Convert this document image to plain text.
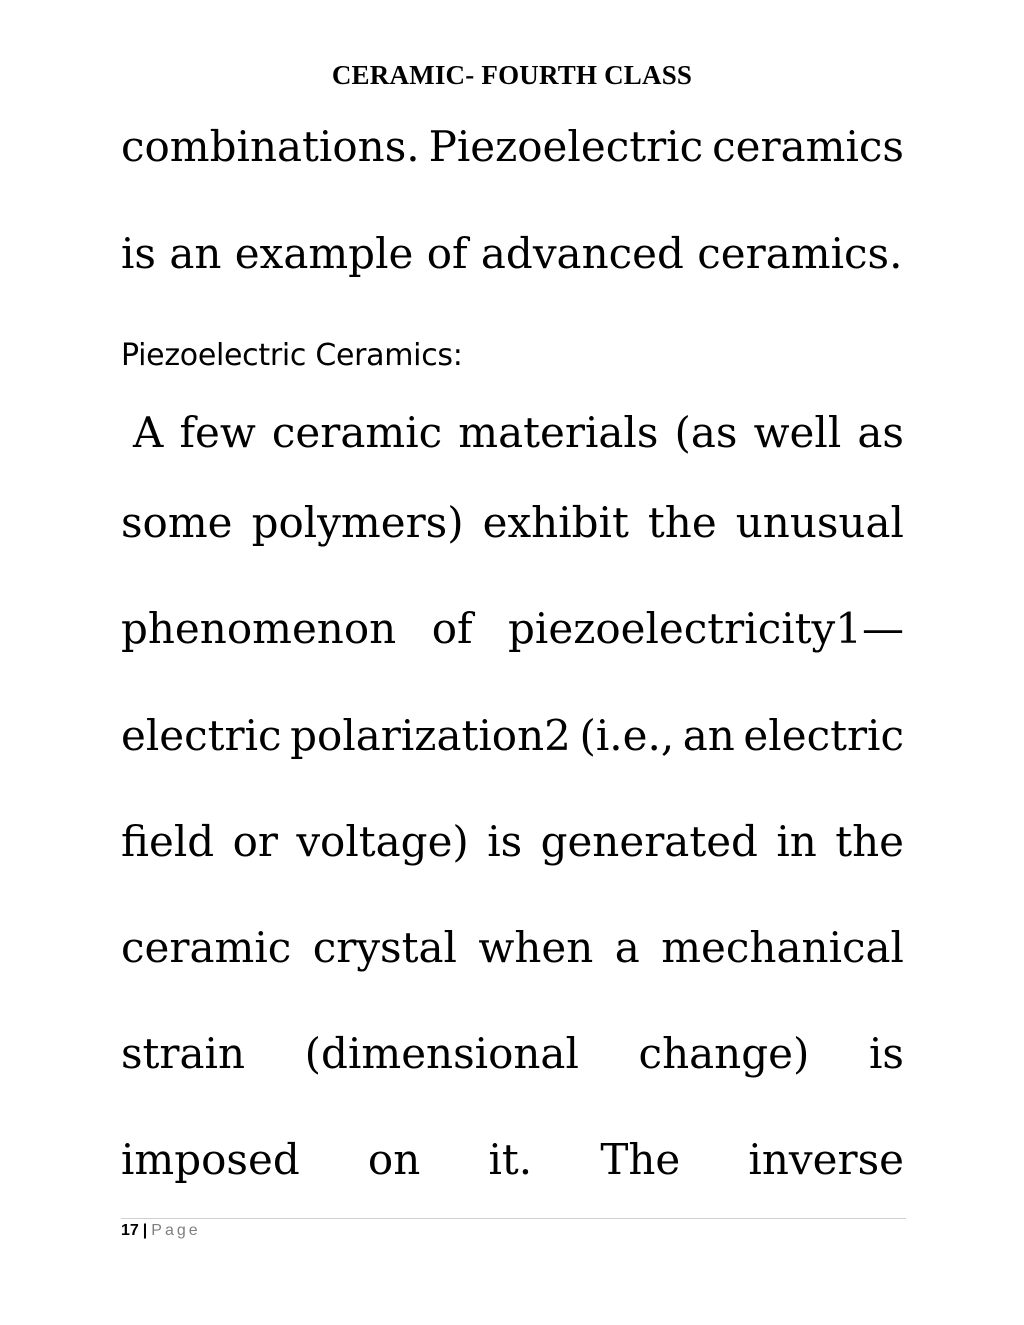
CERAMIC- FOURTH CLASS
combinations. Piezoelectric ceramics
is an example of advanced ceramics.
A few ceramic materials (as well as
some polymers) exhibit the unusual
phenomenon of piezoelectricity1—
electric polarization2 (i.e., an electric
field or voltage) is generated in the
ceramic crystal when a mechanical
strain (dimensional change) is
imposed on it. The inverse
Piezoelectric Ceramics:
17 | Page
